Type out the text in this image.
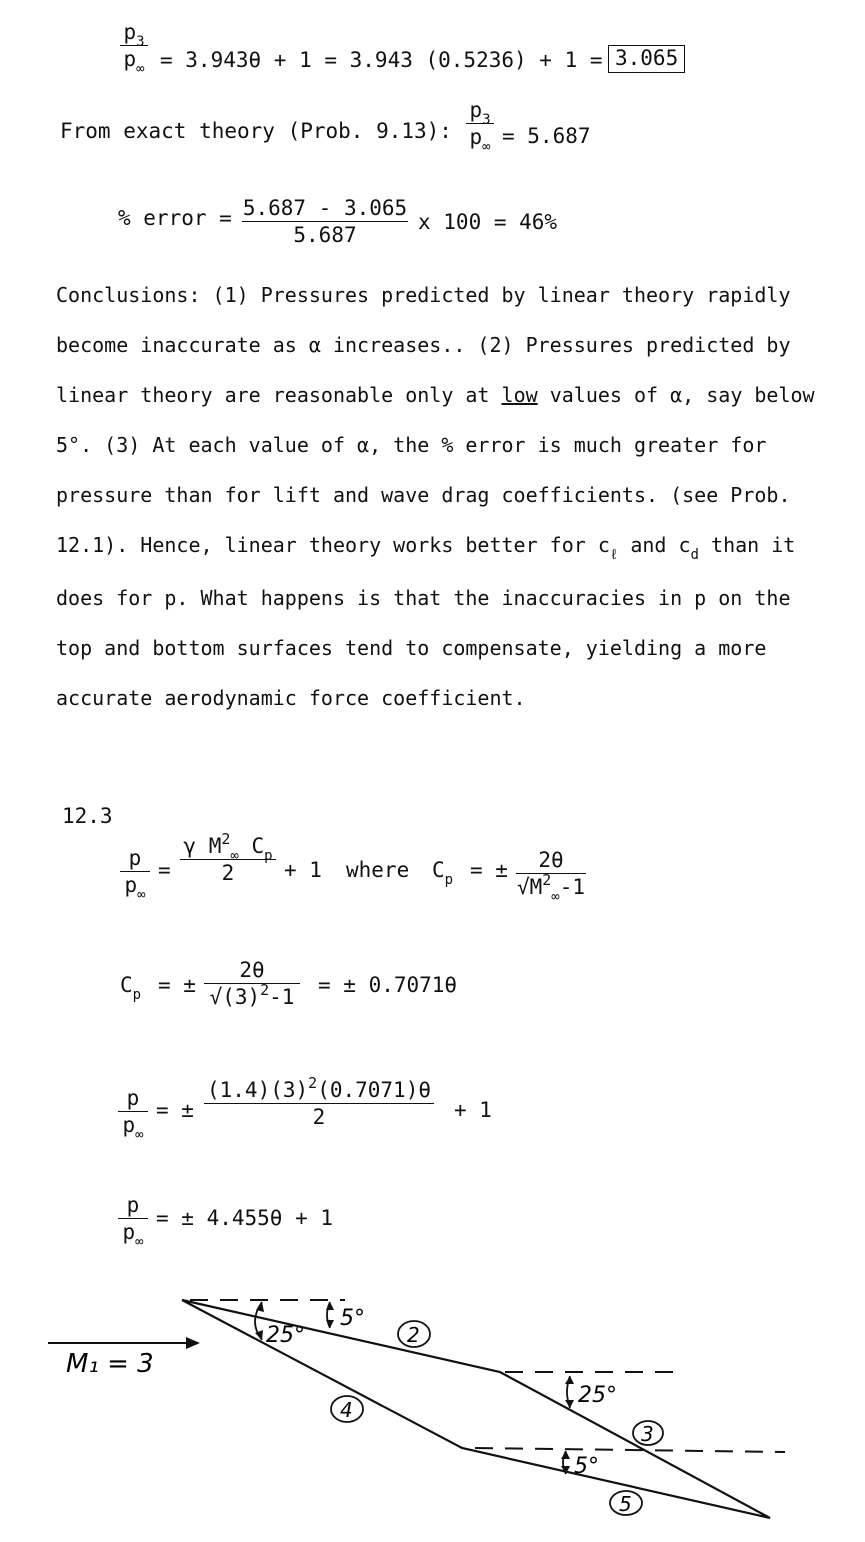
$p_3$
$p_\infty = 3.943\theta + 1 = 3.943$ (0.5236) + 1 = 3.065
From exact theory (Prob. 9.13):
$p_3$
$p_\infty = 5.687$
% error = 5.687 - 3.065
5.687
x 100 = 46%
Conclusions: (1) Pressures predicted by linear theory rapidly
become inaccurate as α increases.. (2) Pressures predicted by
linear theory are reasonable only at low values of α, say below
5°. (3) At each value of α, the % error is much greater for
pressure than for lift and wave drag coefficients. (see Prob.
12.1). Hence, linear theory works better for $c_\ell$ and $c_d$ than it
does for p. What happens is that the inaccuracies in p on the
top and bottom surfaces tend to compensate, yielding a more
accurate aerodynamic force coefficient.
12.3
p
$p_\infty$
=
γ $M^2_\infty$ $C_p$
2	+ 1 where $C_p$ = ±	2θ
$√M^2_\infty-1$
$C_p$ = ±
2θ
$√(3)^2-1$ = ± 0.7071θ
p
$p_\infty$
= ±
$(1.4)(3)^2(0.7071)\theta$
2	+ 1
p
$p_\infty$
= ± 4.455θ + 1
M₁ = 3
5°
25°
25°
5°
2
3
4
5
